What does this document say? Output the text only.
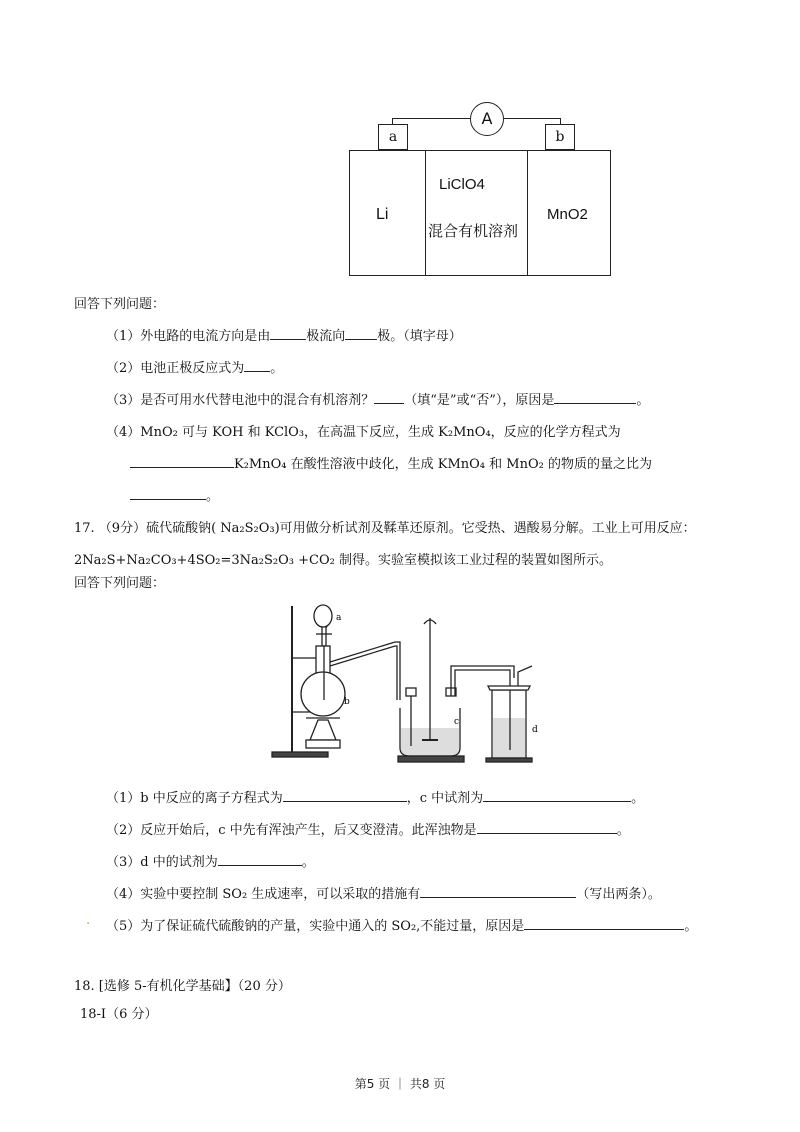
A
a	b
Li
LiClO4
混合有机溶剂
MnO2
回答下列问题：
（1）外电路的电流方向是由	极流向 极。（填字母）
（2）电池正极反应式为 。
（3）是否可用水代替电池中的混合有机溶剂？ （填“是”或“否”），原因是	。
（4）MnO₂ 可与 KOH 和 KClO₃，在高温下反应，生成 K₂MnO₄，反应的化学方程式为
K₂MnO₄ 在酸性溶液中歧化，生成 KMnO₄ 和 MnO₂ 的物质的量之比为
。
17. （9分）硫代硫酸钠( Na₂S₂O₃)可用做分析试剂及鞣革还原剂。它受热、遇酸易分解。工业上可用反应：
2Na₂S+Na₂CO₃+4SO₂=3Na₂S₂O₃ +CO₂ 制得。实验室模拟该工业过程的装置如图所示。
回答下列问题：
a
b
c
d
（1）b 中反应的离子方程式为	，c 中试剂为	。
（2）反应开始后，c 中先有浑浊产生，后又变澄清。此浑浊物是	。
（3）d 中的试剂为	。
（4）实验中要控制 SO₂ 生成速率，可以采取的措施有	（写出两条）。
. （5）为了保证硫代硫酸钠的产量，实验中通入的 SO₂,不能过量，原因是	。
18. [选修 5-有机化学基础】（20 分）
18-I（6 分）
第5 页 ｜ 共8 页
